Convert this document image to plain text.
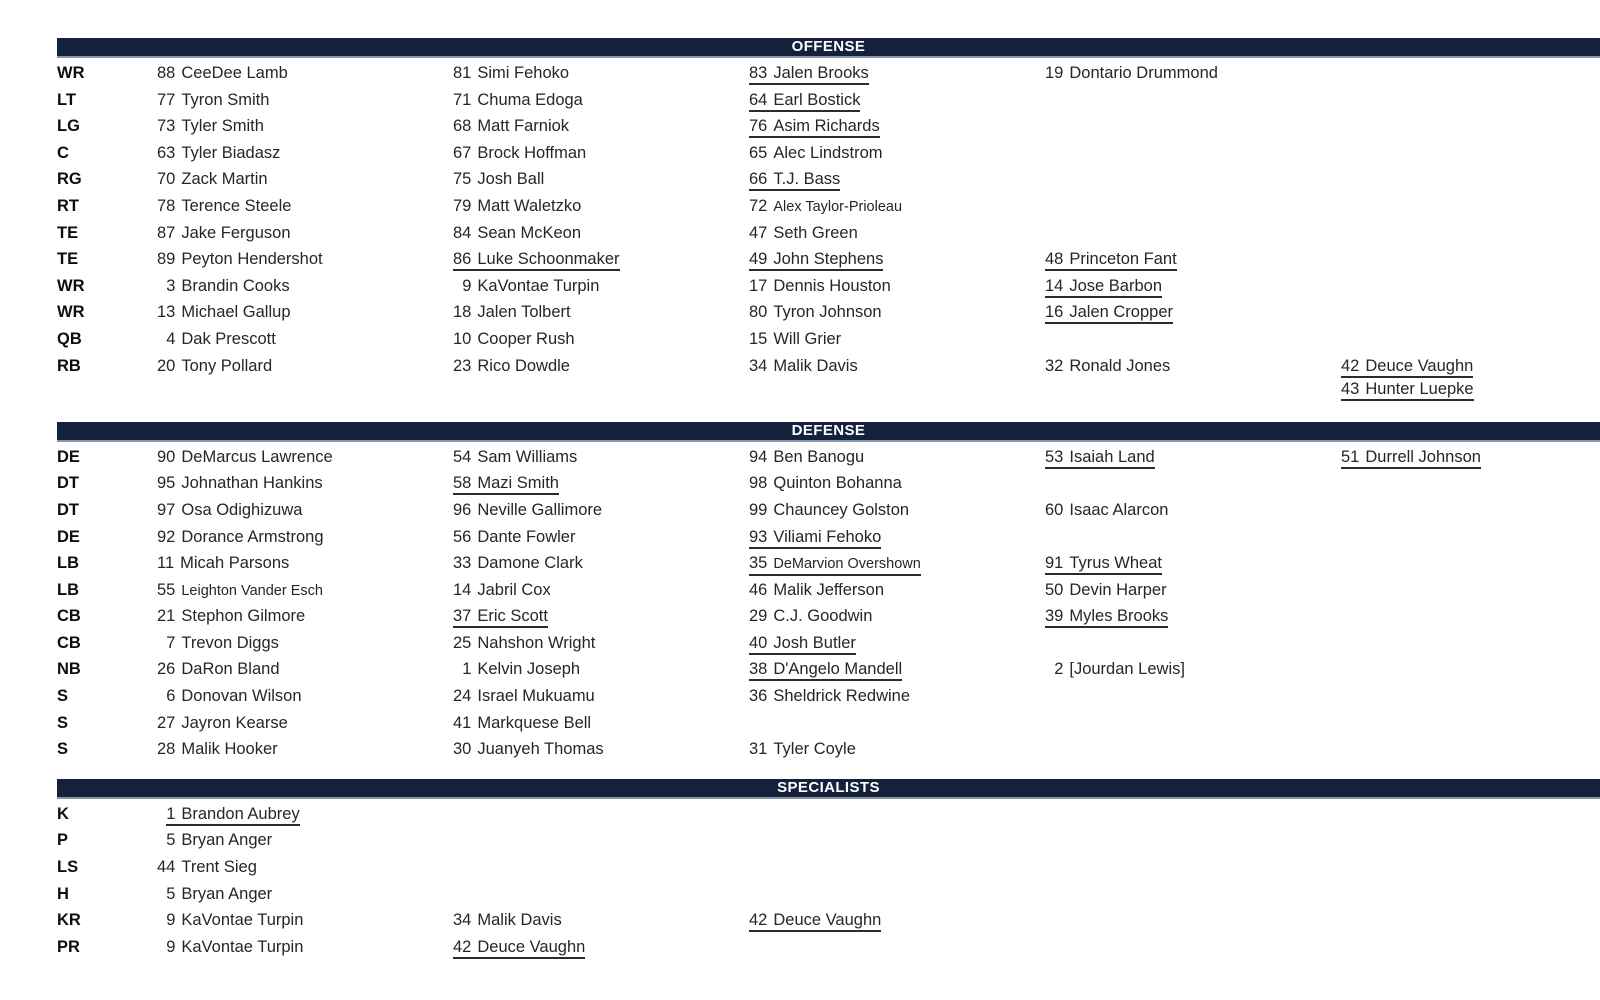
OFFENSE
WR	88 CeeDee Lamb	81 Simi Fehoko	83 Jalen Brooks	19 Dontario Drummond
LT	77 Tyron Smith	71 Chuma Edoga	64 Earl Bostick
LG	73 Tyler Smith	68 Matt Farniok	76 Asim Richards
C	63 Tyler Biadasz	67 Brock Hoffman	65 Alec Lindstrom
RG	70 Zack Martin	75 Josh Ball	66 T.J. Bass
RT	78 Terence Steele	79 Matt Waletzko	72 Alex Taylor-Prioleau
TE	87 Jake Ferguson	84 Sean McKeon	47 Seth Green
TE	89 Peyton Hendershot	86 Luke Schoonmaker	49 John Stephens	48 Princeton Fant
WR	3 Brandin Cooks	9 KaVontae Turpin	17 Dennis Houston	14 Jose Barbon
WR	13 Michael Gallup	18 Jalen Tolbert	80 Tyron Johnson	16 Jalen Cropper
QB	4 Dak Prescott	10 Cooper Rush	15 Will Grier
RB	20 Tony Pollard	23 Rico Dowdle	34 Malik Davis	32 Ronald Jones	42 Deuce Vaughn
43 Hunter Luepke
DEFENSE
DE	90 DeMarcus Lawrence	54 Sam Williams	94 Ben Banogu	53 Isaiah Land	51 Durrell Johnson
DT	95 Johnathan Hankins	58 Mazi Smith	98 Quinton Bohanna
DT	97 Osa Odighizuwa	96 Neville Gallimore	99 Chauncey Golston	60 Isaac Alarcon
DE	92 Dorance Armstrong	56 Dante Fowler	93 Viliami Fehoko
LB	11 Micah Parsons	33 Damone Clark	35 DeMarvion Overshown	91 Tyrus Wheat
LB	55 Leighton Vander Esch	14 Jabril Cox	46 Malik Jefferson	50 Devin Harper
CB	21 Stephon Gilmore	37 Eric Scott	29 C.J. Goodwin	39 Myles Brooks
CB	7 Trevon Diggs	25 Nahshon Wright	40 Josh Butler
NB	26 DaRon Bland	1 Kelvin Joseph	38 D'Angelo Mandell	2 [Jourdan Lewis]
S	6 Donovan Wilson	24 Israel Mukuamu	36 Sheldrick Redwine
S	27 Jayron Kearse	41 Markquese Bell
S	28 Malik Hooker	30 Juanyeh Thomas	31 Tyler Coyle
SPECIALISTS
K	1 Brandon Aubrey
P	5 Bryan Anger
LS	44 Trent Sieg
H	5 Bryan Anger
KR	9 KaVontae Turpin	34 Malik Davis	42 Deuce Vaughn
PR	9 KaVontae Turpin	42 Deuce Vaughn
